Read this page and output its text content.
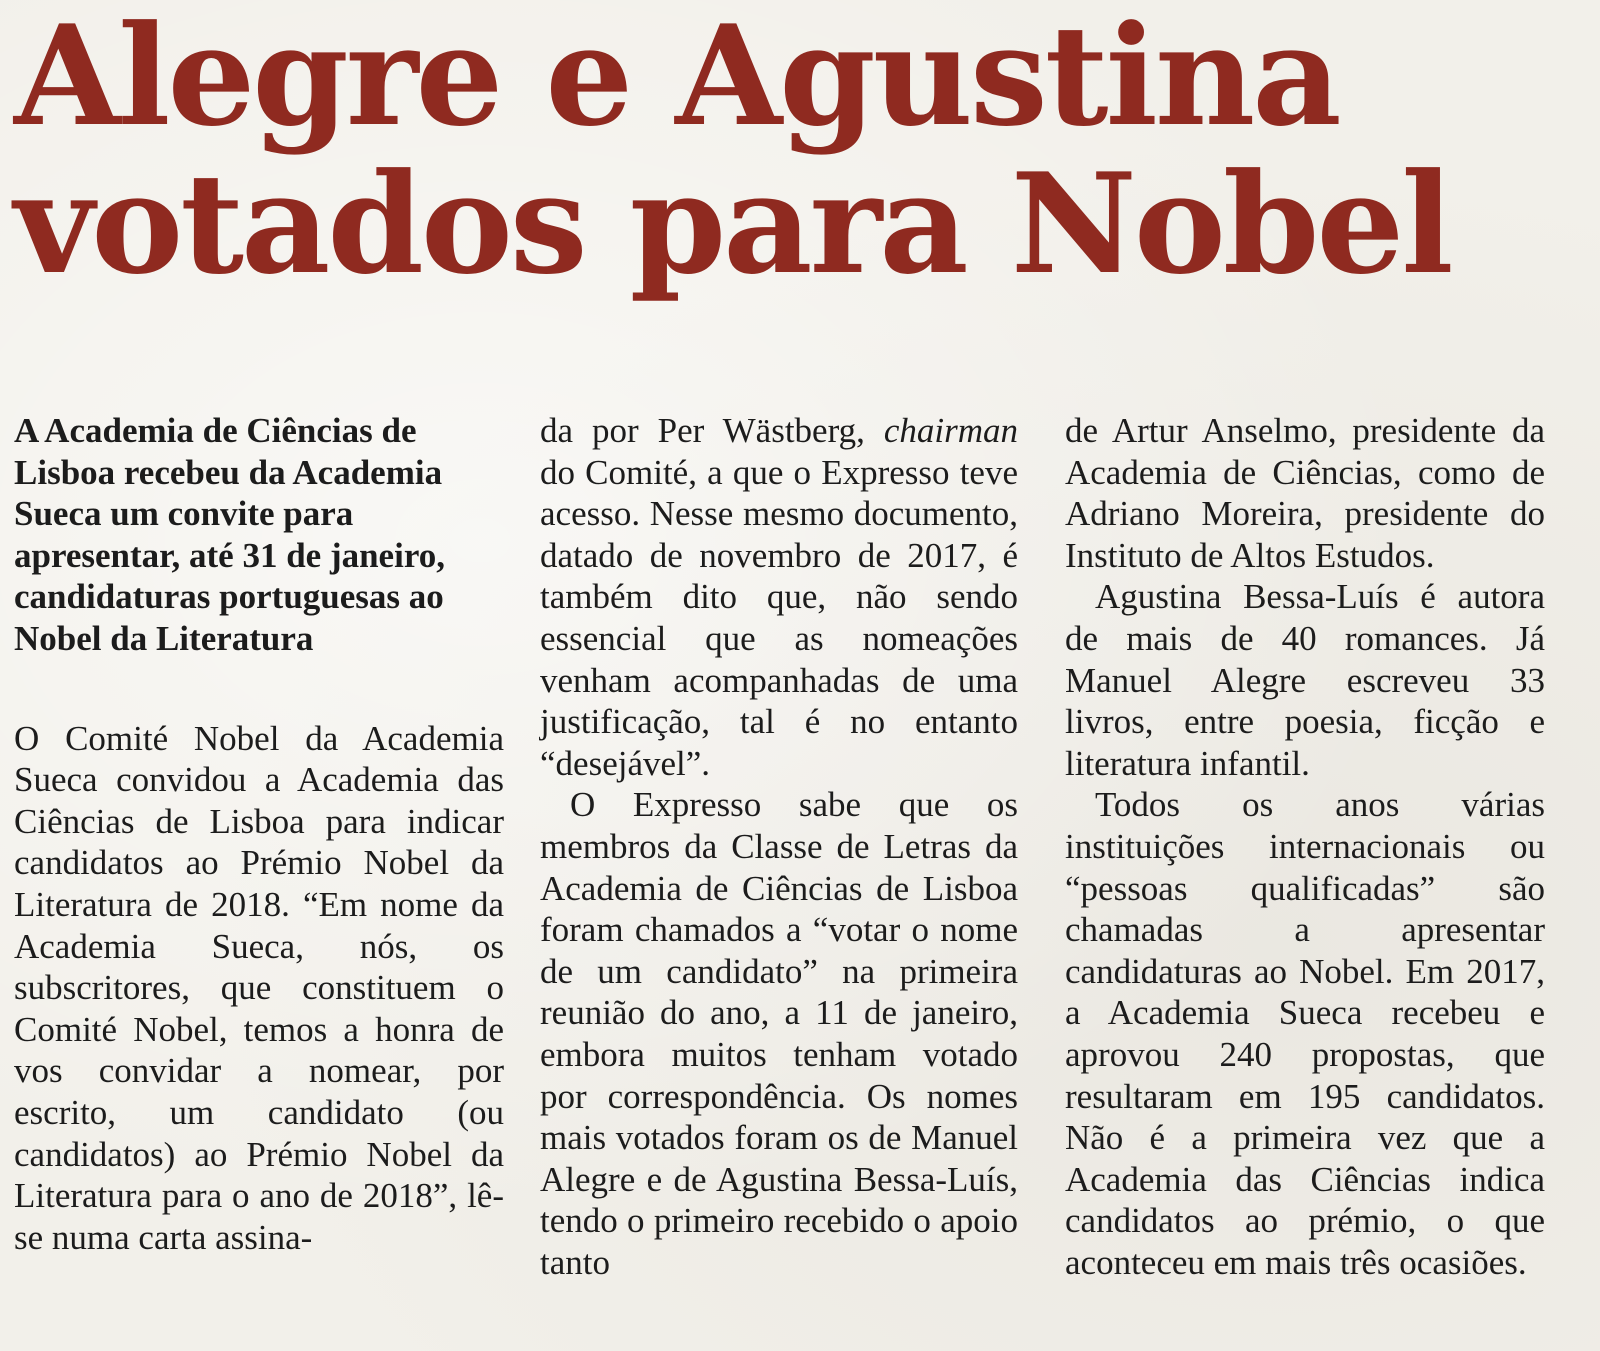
Alegre e Agustina
votados para Nobel

A Academia de Ciências de Lisboa recebeu da Academia Sueca um convite para apresentar, até 31 de janeiro, candidaturas portuguesas ao Nobel da Literatura

O Comité Nobel da Academia Sueca convidou a Academia das Ciências de Lisboa para indicar candidatos ao Prémio Nobel da Literatura de 2018. “Em nome da Academia Sueca, nós, os subscritores, que constituem o Comité Nobel, temos a honra de vos convidar a nomear, por escrito, um candidato (ou candidatos) ao Prémio Nobel da Literatura para o ano de 2018”, lê-se numa carta assina-

da por Per Wästberg, chairman do Comité, a que o Expresso teve acesso. Nesse mesmo documento, datado de novembro de 2017, é também dito que, não sendo essencial que as nomeações venham acompanhadas de uma justificação, tal é no entanto “desejável”.

O Expresso sabe que os membros da Classe de Letras da Academia de Ciências de Lisboa foram chamados a “votar o nome de um candidato” na primeira reunião do ano, a 11 de janeiro, embora muitos tenham votado por correspondência. Os nomes mais votados foram os de Manuel Alegre e de Agustina Bessa-Luís, tendo o primeiro recebido o apoio tanto

de Artur Anselmo, presidente da Academia de Ciências, como de Adriano Moreira, presidente do Instituto de Altos Estudos.

Agustina Bessa-Luís é autora de mais de 40 romances. Já Manuel Alegre escreveu 33 livros, entre poesia, ficção e literatura infantil.

Todos os anos várias instituições internacionais ou “pessoas qualificadas” são chamadas a apresentar candidaturas ao Nobel. Em 2017, a Academia Sueca recebeu e aprovou 240 propostas, que resultaram em 195 candidatos. Não é a primeira vez que a Academia das Ciências indica candidatos ao prémio, o que aconteceu em mais três ocasiões.
